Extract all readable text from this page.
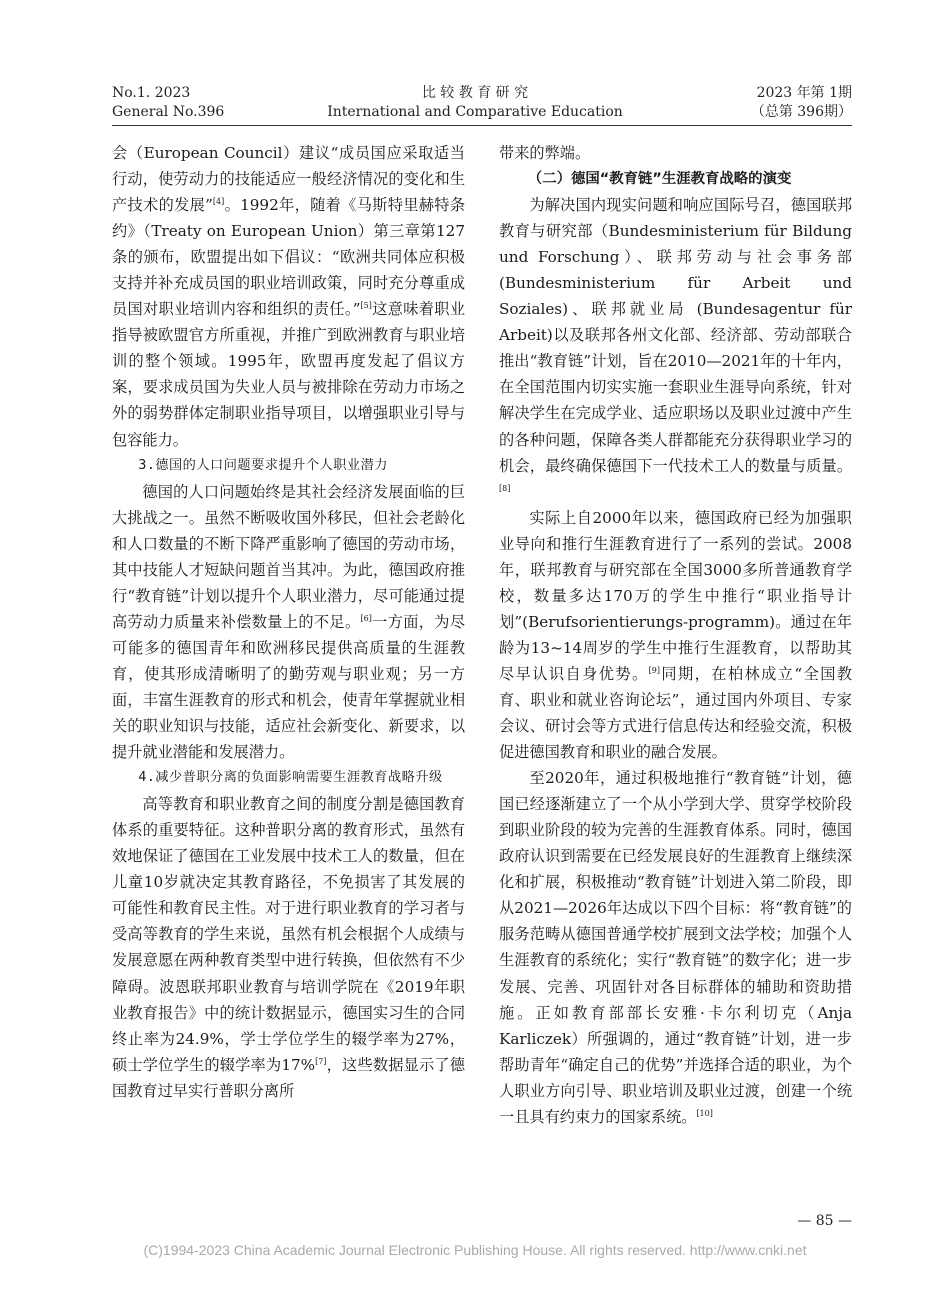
No.1. 2023
General No.396
比 较 教 育 研 究
International and Comparative Education
2023 年第 1期
（总第 396期）

会（European Council）建议“成员国应采取适当行动，使劳动力的技能适应一般经济情况的变化和生产技术的发展”[4]。1992年，随着《马斯特里赫特条约》（Treaty on European Union）第三章第127条的颁布，欧盟提出如下倡议：“欧洲共同体应积极支持并补充成员国的职业培训政策，同时充分尊重成员国对职业培训内容和组织的责任。”[5]这意味着职业指导被欧盟官方所重视，并推广到欧洲教育与职业培训的整个领域。1995年，欧盟再度发起了倡议方案，要求成员国为失业人员与被排除在劳动力市场之外的弱势群体定制职业指导项目，以增强职业引导与包容能力。

3.德国的人口问题要求提升个人职业潜力

德国的人口问题始终是其社会经济发展面临的巨大挑战之一。虽然不断吸收国外移民，但社会老龄化和人口数量的不断下降严重影响了德国的劳动市场，其中技能人才短缺问题首当其冲。为此，德国政府推行“教育链”计划以提升个人职业潜力，尽可能通过提高劳动力质量来补偿数量上的不足。[6]一方面，为尽可能多的德国青年和欧洲移民提供高质量的生涯教育，使其形成清晰明了的勤劳观与职业观；另一方面，丰富生涯教育的形式和机会，使青年掌握就业相关的职业知识与技能，适应社会新变化、新要求，以提升就业潜能和发展潜力。

4.减少普职分离的负面影响需要生涯教育战略升级

高等教育和职业教育之间的制度分割是德国教育体系的重要特征。这种普职分离的教育形式，虽然有效地保证了德国在工业发展中技术工人的数量，但在儿童10岁就决定其教育路径，不免损害了其发展的可能性和教育民主性。对于进行职业教育的学习者与受高等教育的学生来说，虽然有机会根据个人成绩与发展意愿在两种教育类型中进行转换，但依然有不少障碍。波恩联邦职业教育与培训学院在《2019年职业教育报告》中的统计数据显示，德国实习生的合同终止率为24.9%，学士学位学生的辍学率为27%，硕士学位学生的辍学率为17%[7]，这些数据显示了德国教育过早实行普职分离所

带来的弊端。

（二）德国“教育链”生涯教育战略的演变

为解决国内现实问题和响应国际号召，德国联邦教育与研究部（Bundesministerium für Bildung und Forschung）、联邦劳动与社会事务部 (Bundesministerium für Arbeit und Soziales)、联邦就业局 (Bundesagentur für Arbeit)以及联邦各州文化部、经济部、劳动部联合推出“教育链”计划，旨在2010—2021年的十年内，在全国范围内切实实施一套职业生涯导向系统，针对解决学生在完成学业、适应职场以及职业过渡中产生的各种问题，保障各类人群都能充分获得职业学习的机会，最终确保德国下一代技术工人的数量与质量。[8]

实际上自2000年以来，德国政府已经为加强职业导向和推行生涯教育进行了一系列的尝试。2008年，联邦教育与研究部在全国3000多所普通教育学校，数量多达170万的学生中推行“职业指导计划”(Berufsorientierungs-programm)。通过在年龄为13~14周岁的学生中推行生涯教育，以帮助其尽早认识自身优势。[9]同期，在柏林成立“全国教育、职业和就业咨询论坛”，通过国内外项目、专家会议、研讨会等方式进行信息传达和经验交流，积极促进德国教育和职业的融合发展。

至2020年，通过积极地推行“教育链”计划，德国已经逐渐建立了一个从小学到大学、贯穿学校阶段到职业阶段的较为完善的生涯教育体系。同时，德国政府认识到需要在已经发展良好的生涯教育上继续深化和扩展，积极推动“教育链”计划进入第二阶段，即从2021—2026年达成以下四个目标：将“教育链”的服务范畴从德国普通学校扩展到文法学校；加强个人生涯教育的系统化；实行“教育链”的数字化；进一步发展、完善、巩固针对各目标群体的辅助和资助措施。正如教育部部长安雅·卡尔利切克（Anja Karliczek）所强调的，通过“教育链”计划，进一步帮助青年“确定自己的优势”并选择合适的职业，为个人职业方向引导、职业培训及职业过渡，创建一个统一且具有约束力的国家系统。[10]

— 85 —
(C)1994-2023 China Academic Journal Electronic Publishing House. All rights reserved. http://www.cnki.net
